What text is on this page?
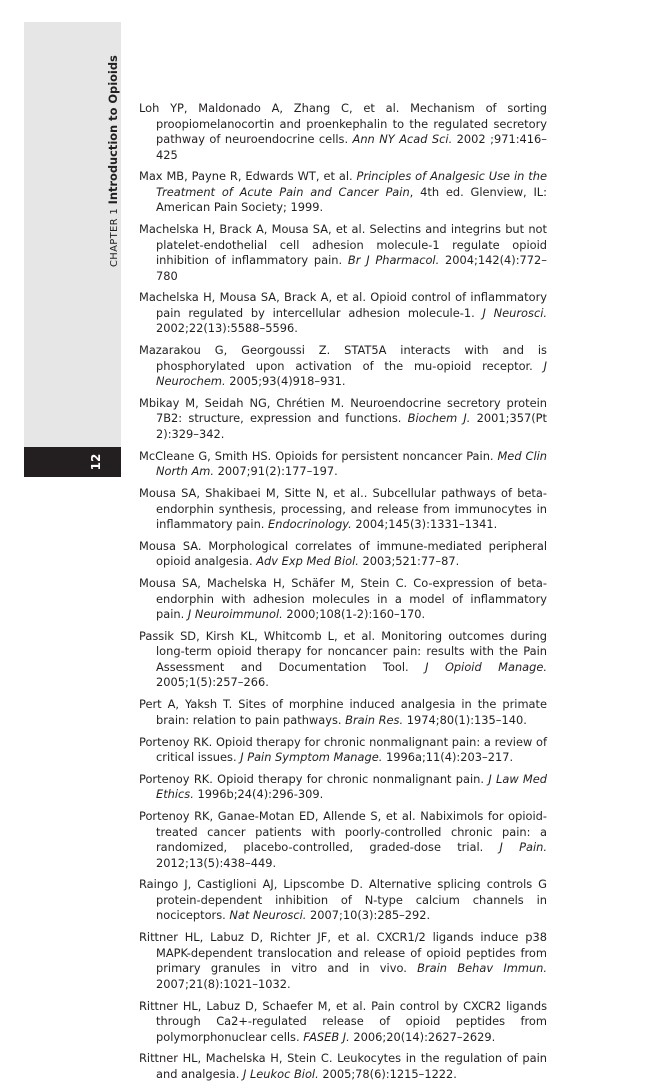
CHAPTER 1 Introduction to Opioids
12
Loh YP, Maldonado A, Zhang C, et al. Mechanism of sorting proopiomelanocortin and proenkephalin to the regulated secretory pathway of neuroendocrine cells. Ann NY Acad Sci. 2002 ;971:416–425
Max MB, Payne R, Edwards WT, et al. Principles of Analgesic Use in the Treatment of Acute Pain and Cancer Pain, 4th ed. Glenview, IL: American Pain Society; 1999.
Machelska H, Brack A, Mousa SA, et al. Selectins and integrins but not platelet-endothelial cell adhesion molecule-1 regulate opioid inhibition of inflammatory pain. Br J Pharmacol. 2004;142(4):772–780
Machelska H, Mousa SA, Brack A, et al. Opioid control of inflammatory pain regulated by intercellular adhesion molecule-1. J Neurosci. 2002;22(13):5588–5596.
Mazarakou G, Georgoussi Z. STAT5A interacts with and is phosphorylated upon activation of the mu-opioid receptor. J Neurochem. 2005;93(4)918–931.
Mbikay M, Seidah NG, Chrétien M. Neuroendocrine secretory protein 7B2: structure, expression and functions. Biochem J. 2001;357(Pt 2):329–342.
McCleane G, Smith HS. Opioids for persistent noncancer Pain. Med Clin North Am. 2007;91(2):177–197.
Mousa SA, Shakibaei M, Sitte N, et al.. Subcellular pathways of beta-endorphin synthesis, processing, and release from immunocytes in inflammatory pain. Endocrinology. 2004;145(3):1331–1341.
Mousa SA. Morphological correlates of immune-mediated peripheral opioid analgesia. Adv Exp Med Biol. 2003;521:77–87.
Mousa SA, Machelska H, Schäfer M, Stein C. Co-expression of beta-endorphin with adhesion molecules in a model of inflammatory pain. J Neuroimmunol. 2000;108(1-2):160–170.
Passik SD, Kirsh KL, Whitcomb L, et al. Monitoring outcomes during long-term opioid therapy for noncancer pain: results with the Pain Assessment and Documentation Tool. J Opioid Manage. 2005;1(5):257–266.
Pert A, Yaksh T. Sites of morphine induced analgesia in the primate brain: relation to pain pathways. Brain Res. 1974;80(1):135–140.
Portenoy RK. Opioid therapy for chronic nonmalignant pain: a review of critical issues. J Pain Symptom Manage. 1996a;11(4):203–217.
Portenoy RK. Opioid therapy for chronic nonmalignant pain. J Law Med Ethics. 1996b;24(4):296-309.
Portenoy RK, Ganae-Motan ED, Allende S, et al. Nabiximols for opioid-treated cancer patients with poorly-controlled chronic pain: a randomized, placebo-controlled, graded-dose trial. J Pain. 2012;13(5):438–449.
Raingo J, Castiglioni AJ, Lipscombe D. Alternative splicing controls G protein-dependent inhibition of N-type calcium channels in nociceptors. Nat Neurosci. 2007;10(3):285–292.
Rittner HL, Labuz D, Richter JF, et al. CXCR1/2 ligands induce p38 MAPK-dependent translocation and release of opioid peptides from primary granules in vitro and in vivo. Brain Behav Immun. 2007;21(8):1021–1032.
Rittner HL, Labuz D, Schaefer M, et al. Pain control by CXCR2 ligands through Ca2+-regulated release of opioid peptides from polymorphonuclear cells. FASEB J. 2006;20(14):2627–2629.
Rittner HL, Machelska H, Stein C. Leukocytes in the regulation of pain and analgesia. J Leukoc Biol. 2005;78(6):1215–1222.
